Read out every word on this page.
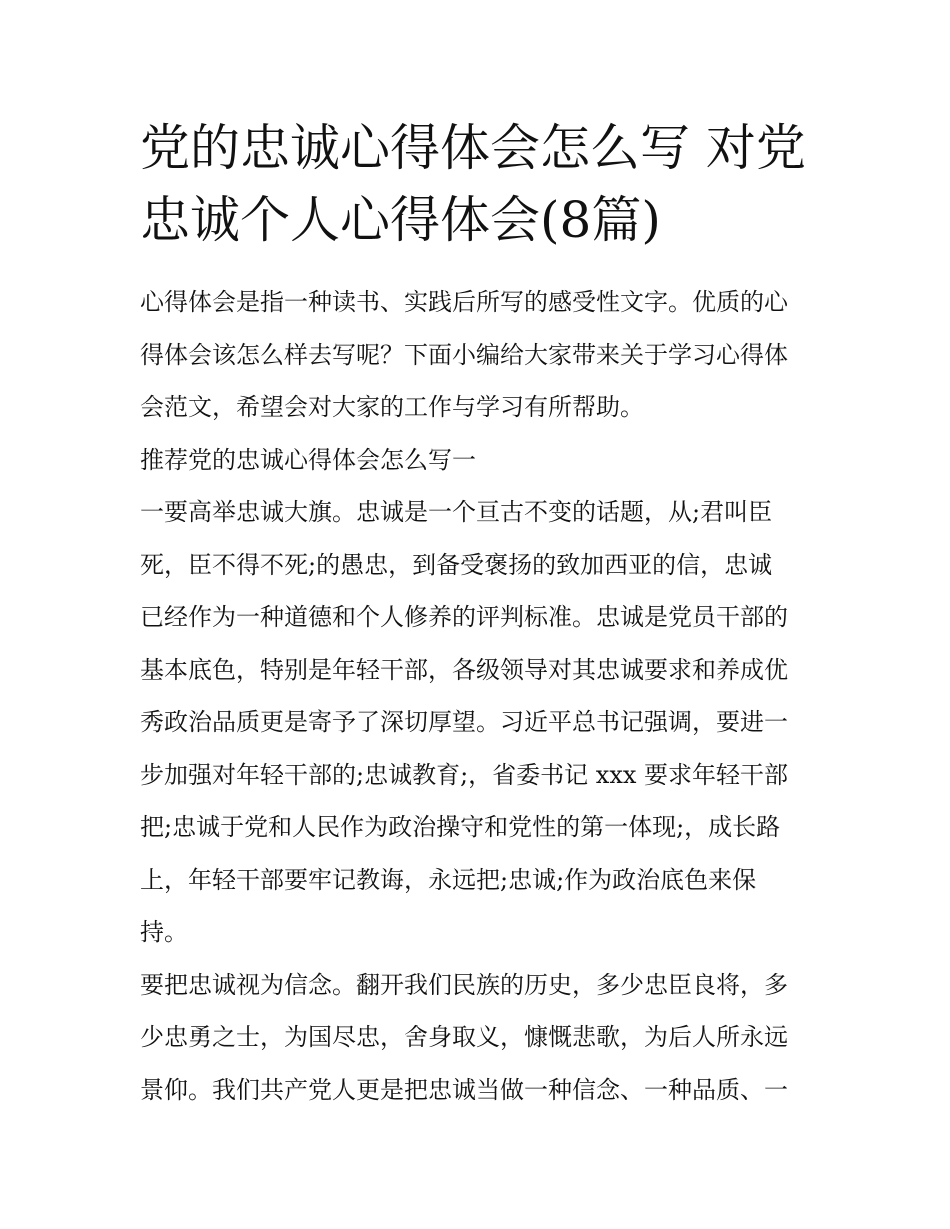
党的忠诚心得体会怎么写 对党忠诚个人心得体会(8篇)

心得体会是指一种读书、实践后所写的感受性文字。优质的心
得体会该怎么样去写呢？下面小编给大家带来关于学习心得体
会范文，希望会对大家的工作与学习有所帮助。

推荐党的忠诚心得体会怎么写一

一要高举忠诚大旗。忠诚是一个亘古不变的话题，从;君叫臣
死，臣不得不死;的愚忠，到备受褒扬的致加西亚的信，忠诚
已经作为一种道德和个人修养的评判标准。忠诚是党员干部的
基本底色，特别是年轻干部，各级领导对其忠诚要求和养成优
秀政治品质更是寄予了深切厚望。习近平总书记强调，要进一
步加强对年轻干部的;忠诚教育;，省委书记 xxx 要求年轻干部
把;忠诚于党和人民作为政治操守和党性的第一体现;，成长路
上，年轻干部要牢记教诲，永远把;忠诚;作为政治底色来保
持。

要把忠诚视为信念。翻开我们民族的历史，多少忠臣良将，多
少忠勇之士，为国尽忠，舍身取义，慷慨悲歌，为后人所永远
景仰。我们共产党人更是把忠诚当做一种信念、一种品质、一
